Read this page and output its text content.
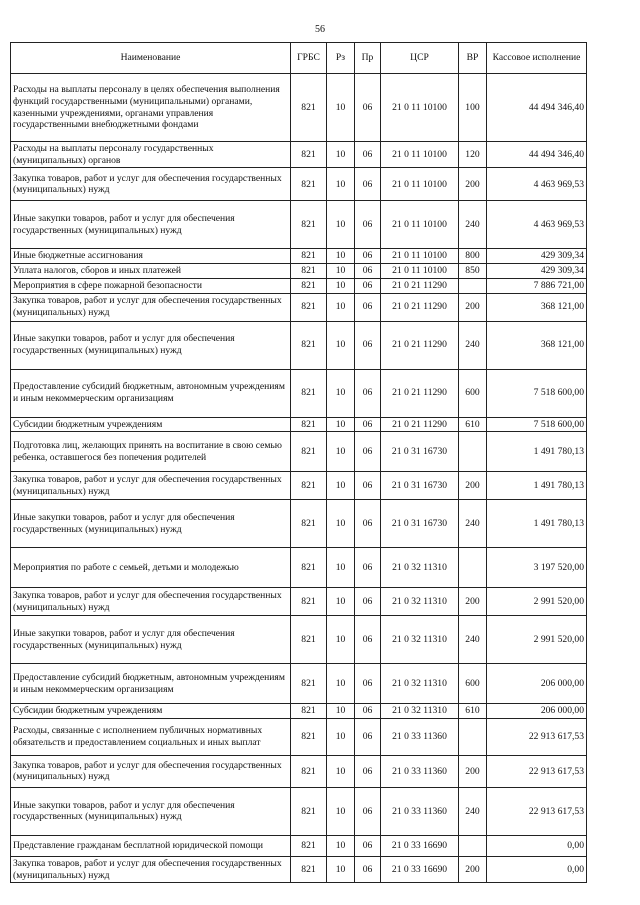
56
Наименование	ГРБС	Рз	Пр	ЦСР	ВР	Кассовое исполнение
Расходы на выплаты персоналу в целях обеспечения выполнения функций государственными (муниципальными) органами, казенными учреждениями, органами управления государственными внебюджетными фондами	821	10	06	21 0 11 10100	100	44 494 346,40
Расходы на выплаты персоналу государственных (муниципальных) органов	821	10	06	21 0 11 10100	120	44 494 346,40
Закупка товаров, работ и услуг для обеспечения государственных (муниципальных) нужд	821	10	06	21 0 11 10100	200	4 463 969,53
Иные закупки товаров, работ и услуг для обеспечения государственных (муниципальных) нужд	821	10	06	21 0 11 10100	240	4 463 969,53
Иные бюджетные ассигнования	821	10	06	21 0 11 10100	800	429 309,34
Уплата налогов, сборов и иных платежей	821	10	06	21 0 11 10100	850	429 309,34
Мероприятия в сфере пожарной безопасности	821	10	06	21 0 21 11290		7 886 721,00
Закупка товаров, работ и услуг для обеспечения государственных (муниципальных) нужд	821	10	06	21 0 21 11290	200	368 121,00
Иные закупки товаров, работ и услуг для обеспечения государственных (муниципальных) нужд	821	10	06	21 0 21 11290	240	368 121,00
Предоставление субсидий бюджетным, автономным учреждениям и иным некоммерческим организациям	821	10	06	21 0 21 11290	600	7 518 600,00
Субсидии бюджетным учреждениям	821	10	06	21 0 21 11290	610	7 518 600,00
Подготовка лиц, желающих принять на воспитание в свою семью ребенка, оставшегося без попечения родителей	821	10	06	21 0 31 16730		1 491 780,13
Закупка товаров, работ и услуг для обеспечения государственных (муниципальных) нужд	821	10	06	21 0 31 16730	200	1 491 780,13
Иные закупки товаров, работ и услуг для обеспечения государственных (муниципальных) нужд	821	10	06	21 0 31 16730	240	1 491 780,13
Мероприятия по работе с семьей, детьми и молодежью	821	10	06	21 0 32 11310		3 197 520,00
Закупка товаров, работ и услуг для обеспечения государственных (муниципальных) нужд	821	10	06	21 0 32 11310	200	2 991 520,00
Иные закупки товаров, работ и услуг для обеспечения государственных (муниципальных) нужд	821	10	06	21 0 32 11310	240	2 991 520,00
Предоставление субсидий бюджетным, автономным учреждениям и иным некоммерческим организациям	821	10	06	21 0 32 11310	600	206 000,00
Субсидии бюджетным учреждениям	821	10	06	21 0 32 11310	610	206 000,00
Расходы, связанные с исполнением публичных нормативных обязательств и предоставлением социальных и иных выплат	821	10	06	21 0 33 11360		22 913 617,53
Закупка товаров, работ и услуг для обеспечения государственных (муниципальных) нужд	821	10	06	21 0 33 11360	200	22 913 617,53
Иные закупки товаров, работ и услуг для обеспечения государственных (муниципальных) нужд	821	10	06	21 0 33 11360	240	22 913 617,53
Представление гражданам бесплатной юридической помощи	821	10	06	21 0 33 16690		0,00
Закупка товаров, работ и услуг для обеспечения государственных (муниципальных) нужд	821	10	06	21 0 33 16690	200	0,00
